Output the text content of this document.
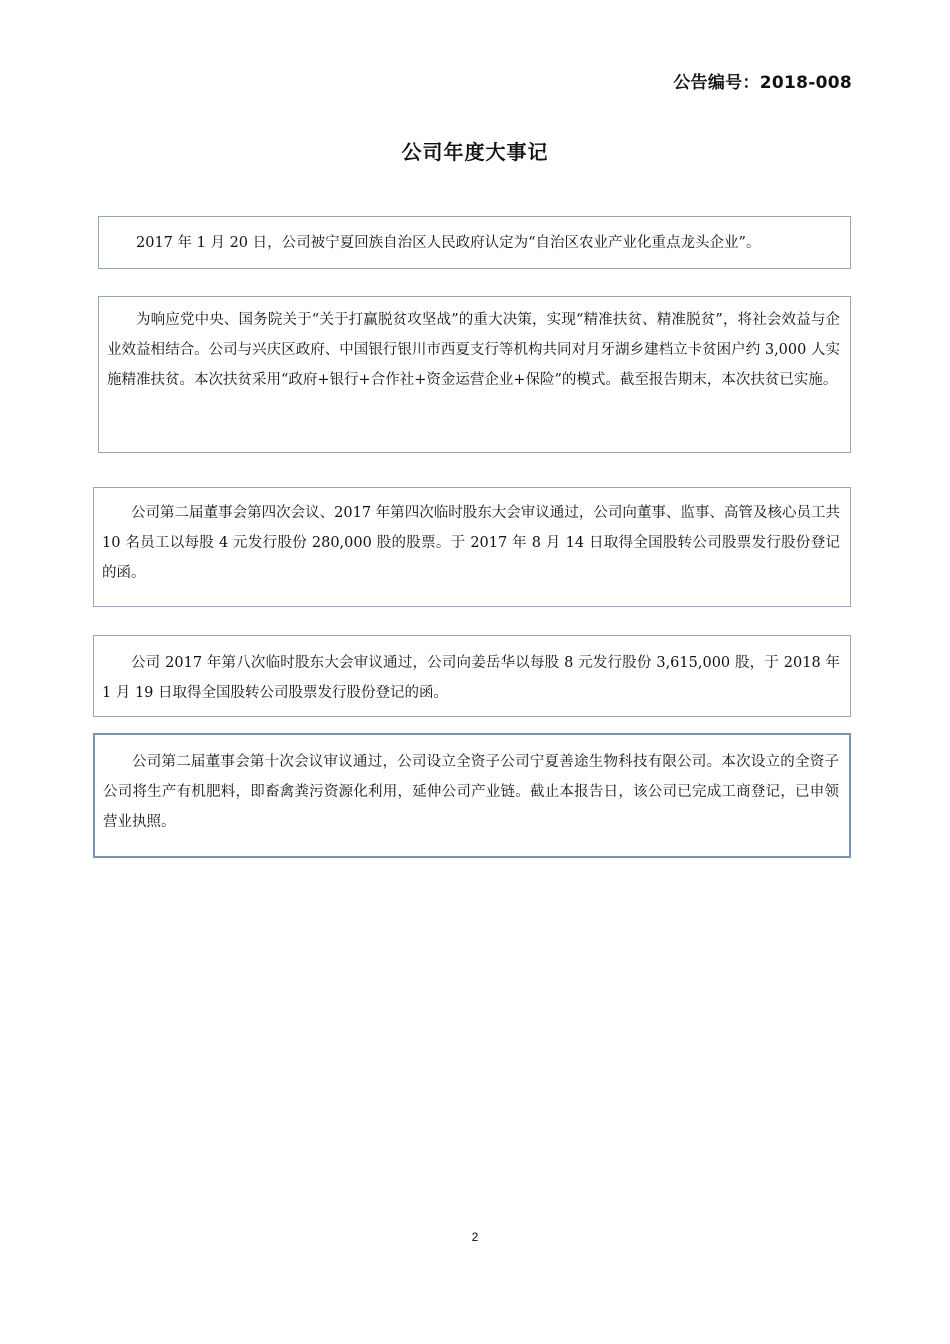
公告编号：2018-008
公司年度大事记
2017 年 1 月 20 日，公司被宁夏回族自治区人民政府认定为“自治区农业产业化重点龙头企业”。
为响应党中央、国务院关于“关于打赢脱贫攻坚战”的重大决策，实现“精准扶贫、精准脱贫”，将社会效益与企业效益相结合。公司与兴庆区政府、中国银行银川市西夏支行等机构共同对月牙湖乡建档立卡贫困户约 3,000 人实施精准扶贫。本次扶贫采用“政府+银行+合作社+资金运营企业+保险”的模式。截至报告期末，本次扶贫已实施。
公司第二届董事会第四次会议、2017 年第四次临时股东大会审议通过，公司向董事、监事、高管及核心员工共 10 名员工以每股 4 元发行股份 280,000 股的股票。于 2017 年 8 月 14 日取得全国股转公司股票发行股份登记的函。
公司 2017 年第八次临时股东大会审议通过，公司向姜岳华以每股 8 元发行股份 3,615,000 股，于 2018 年 1 月 19 日取得全国股转公司股票发行股份登记的函。
公司第二届董事会第十次会议审议通过，公司设立全资子公司宁夏善途生物科技有限公司。本次设立的全资子公司将生产有机肥料，即畜禽粪污资源化利用，延伸公司产业链。截止本报告日，该公司已完成工商登记，已申领营业执照。
2
